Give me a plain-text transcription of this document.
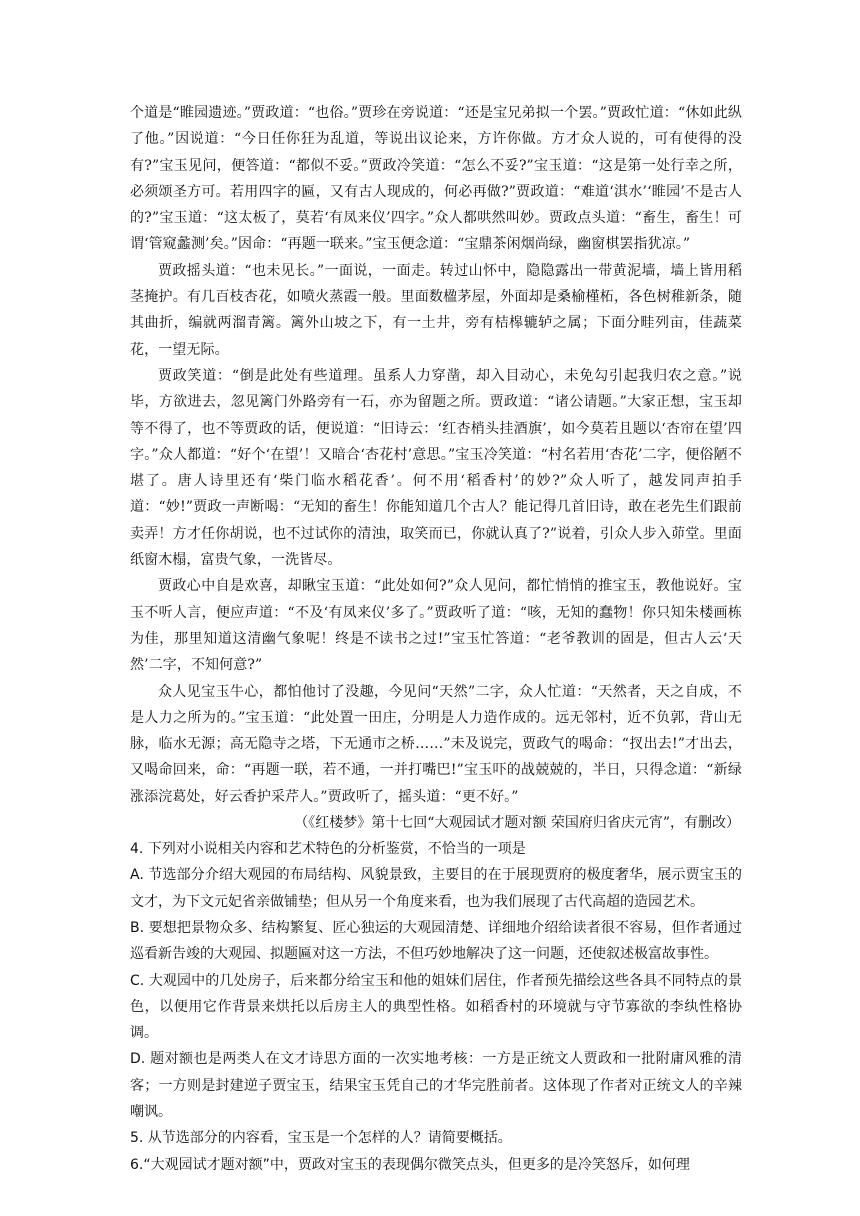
个道是“睢园遗迹。”贾政道：“也俗。”贾珍在旁说道：“还是宝兄弟拟一个罢。”贾政忙道：“休如此纵了他。”因说道：“今日任你狂为乱道，等说出议论来，方许你做。方才众人说的，可有使得的没有?”宝玉见问，便答道：“都似不妥。”贾政冷笑道：“怎么不妥?”宝玉道：“这是第一处行幸之所，必须颂圣方可。若用四字的匾，又有古人现成的，何必再做?”贾政道：“难道‘淇水’‘睢园’不是古人的?”宝玉道：“这太板了，莫若‘有凤来仪’四字。”众人都哄然叫妙。贾政点头道：“畜生，畜生！可谓‘管窥蠡测’矣。”因命：“再题一联来。”宝玉便念道：“宝鼎茶闲烟尚绿，幽窗棋罢指犹凉。”

贾政摇头道：“也未见长。”一面说，一面走。转过山怀中，隐隐露出一带黄泥墙，墙上皆用稻茎掩护。有几百枝杏花，如喷火蒸霞一般。里面数楹茅屋，外面却是桑榆槿柘，各色树稚新条，随其曲折，编就两溜青篱。篱外山坡之下，有一土井，旁有桔槔辘轳之属；下面分畦列亩，佳蔬菜花，一望无际。

贾政笑道：“倒是此处有些道理。虽系人力穿凿，却入目动心，未免勾引起我归农之意。”说毕，方欲进去，忽见篱门外路旁有一石，亦为留题之所。贾政道：“诸公请题。”大家正想，宝玉却等不得了，也不等贾政的话，便说道：“旧诗云：‘红杏梢头挂酒旗’，如今莫若且题以‘杏帘在望’四字。”众人都道：“好个‘在望’！又暗合‘杏花村’意思。”宝玉冷笑道：“村名若用‘杏花’二字，便俗陋不堪了。唐人诗里还有‘柴门临水稻花香’。何不用‘稻香村’的妙?”众人听了，越发同声拍手道：“妙!”贾政一声断喝：“无知的畜生！你能知道几个古人？能记得几首旧诗，敢在老先生们跟前卖弄！方才任你胡说，也不过试你的清浊，取笑而已，你就认真了?”说着，引众人步入茆堂。里面纸窗木榻，富贵气象，一洗皆尽。

贾政心中自是欢喜，却瞅宝玉道：“此处如何?”众人见问，都忙悄悄的推宝玉，教他说好。宝玉不听人言，便应声道：“不及‘有凤来仪’多了。”贾政听了道：“咳，无知的蠢物！你只知朱楼画栋为佳，那里知道这清幽气象呢！终是不读书之过!”宝玉忙答道：“老爷教训的固是，但古人云‘天然’二字，不知何意?”

众人见宝玉牛心，都怕他讨了没趣，今见问“天然”二字，众人忙道：“天然者，天之自成，不是人力之所为的。”宝玉道：“此处置一田庄，分明是人力造作成的。远无邻村，近不负郭，背山无脉，临水无源；高无隐寺之塔，下无通市之桥……”未及说完，贾政气的喝命：“扠出去!”才出去，又喝命回来，命：“再题一联，若不通，一并打嘴巴!”宝玉吓的战兢兢的，半日，只得念道：“新绿涨添浣葛处，好云香护采芹人。”贾政听了，摇头道：“更不好。”

（《红楼梦》第十七回“大观园试才题对额 荣国府归省庆元宵”，有删改）

4. 下列对小说相关内容和艺术特色的分析鉴赏，不恰当的一项是

A. 节选部分介绍大观园的布局结构、风貌景致，主要目的在于展现贾府的极度奢华，展示贾宝玉的文才，为下文元妃省亲做铺垫；但从另一个角度来看，也为我们展现了古代高超的造园艺术。

B. 要想把景物众多、结构繁复、匠心独运的大观园清楚、详细地介绍给读者很不容易，但作者通过巡看新告竣的大观园、拟题匾对这一方法，不但巧妙地解决了这一问题，还使叙述极富故事性。

C. 大观园中的几处房子，后来都分给宝玉和他的姐妹们居住，作者预先描绘这些各具不同特点的景色，以便用它作背景来烘托以后房主人的典型性格。如稻香村的环境就与守节寡欲的李纨性格协调。

D. 题对额也是两类人在文才诗思方面的一次实地考核：一方是正统文人贾政和一批附庸风雅的清客；一方则是封建逆子贾宝玉，结果宝玉凭自己的才华完胜前者。这体现了作者对正统文人的辛辣嘲讽。

5. 从节选部分的内容看，宝玉是一个怎样的人？请简要概括。

6.“大观园试才题对额”中，贾政对宝玉的表现偶尔微笑点头，但更多的是冷笑怒斥，如何理
